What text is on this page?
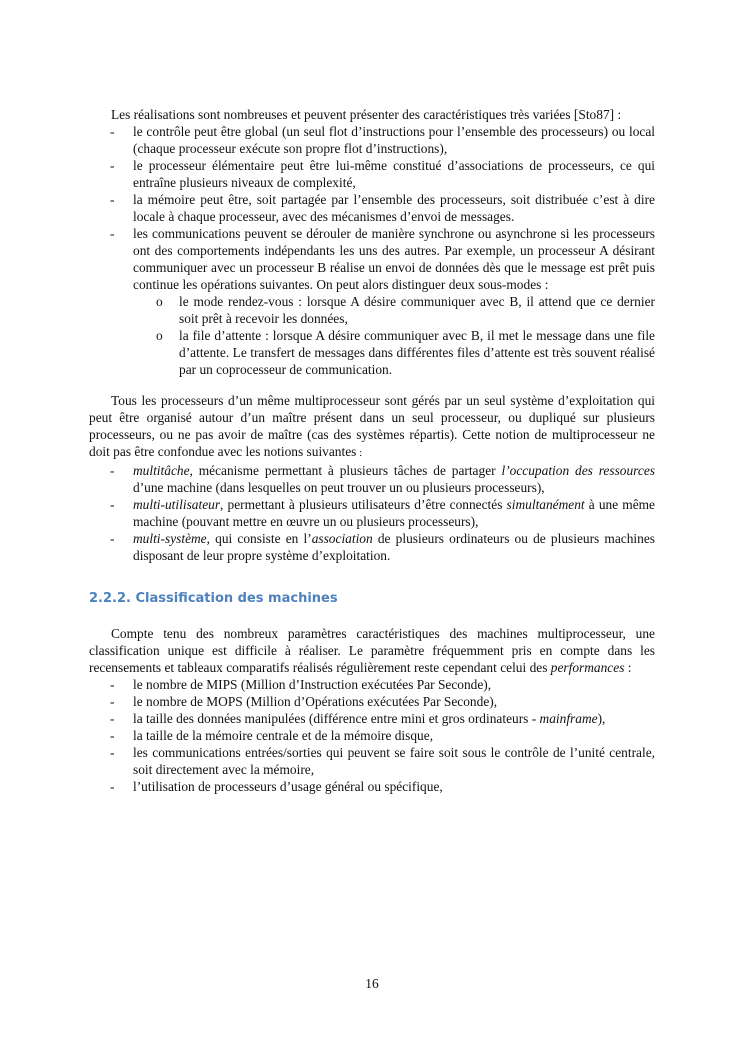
Les réalisations sont nombreuses et peuvent présenter des caractéristiques très variées [Sto87] :

- le contrôle peut être global (un seul flot d’instructions pour l’ensemble des processeurs) ou local (chaque processeur exécute son propre flot d’instructions),
- le processeur élémentaire peut être lui-même constitué d’associations de processeurs, ce qui entraîne plusieurs niveaux de complexité,
- la mémoire peut être, soit partagée par l’ensemble des processeurs, soit distribuée c’est à dire locale à chaque processeur, avec des mécanismes d’envoi de messages.
- les communications peuvent se dérouler de manière synchrone ou asynchrone si les processeurs ont des comportements indépendants les uns des autres. Par exemple, un processeur A désirant communiquer avec un processeur B réalise un envoi de données dès que le message est prêt puis continue les opérations suivantes. On peut alors distinguer deux sous-modes :
o le mode rendez-vous : lorsque A désire communiquer avec B, il attend que ce dernier soit prêt à recevoir les données,
o la file d’attente : lorsque A désire communiquer avec B, il met le message dans une file d’attente. Le transfert de messages dans différentes files d’attente est très souvent réalisé par un coprocesseur de communication.

Tous les processeurs d’un même multiprocesseur sont gérés par un seul système d’exploitation qui peut être organisé autour d’un maître présent dans un seul processeur, ou dupliqué sur plusieurs processeurs, ou ne pas avoir de maître (cas des systèmes répartis). Cette notion de multiprocesseur ne doit pas être confondue avec les notions suivantes :

- multitâche, mécanisme permettant à plusieurs tâches de partager l’occupation des ressources d’une machine (dans lesquelles on peut trouver un ou plusieurs processeurs),
- multi-utilisateur, permettant à plusieurs utilisateurs d’être connectés simultanément à une même machine (pouvant mettre en œuvre un ou plusieurs processeurs),
- multi-système, qui consiste en l’association de plusieurs ordinateurs ou de plusieurs machines disposant de leur propre système d’exploitation.
2.2.2. Classification des machines

Compte tenu des nombreux paramètres caractéristiques des machines multiprocesseur, une classification unique est difficile à réaliser. Le paramètre fréquemment pris en compte dans les recensements et tableaux comparatifs réalisés régulièrement reste cependant celui des performances :

- le nombre de MIPS (Million d’Instruction exécutées Par Seconde),
- le nombre de MOPS (Million d’Opérations exécutées Par Seconde),
- la taille des données manipulées (différence entre mini et gros ordinateurs - mainframe),
- la taille de la mémoire centrale et de la mémoire disque,
- les communications entrées/sorties qui peuvent se faire soit sous le contrôle de l’unité centrale, soit directement avec la mémoire,
- l’utilisation de processeurs d’usage général ou spécifique,
16
